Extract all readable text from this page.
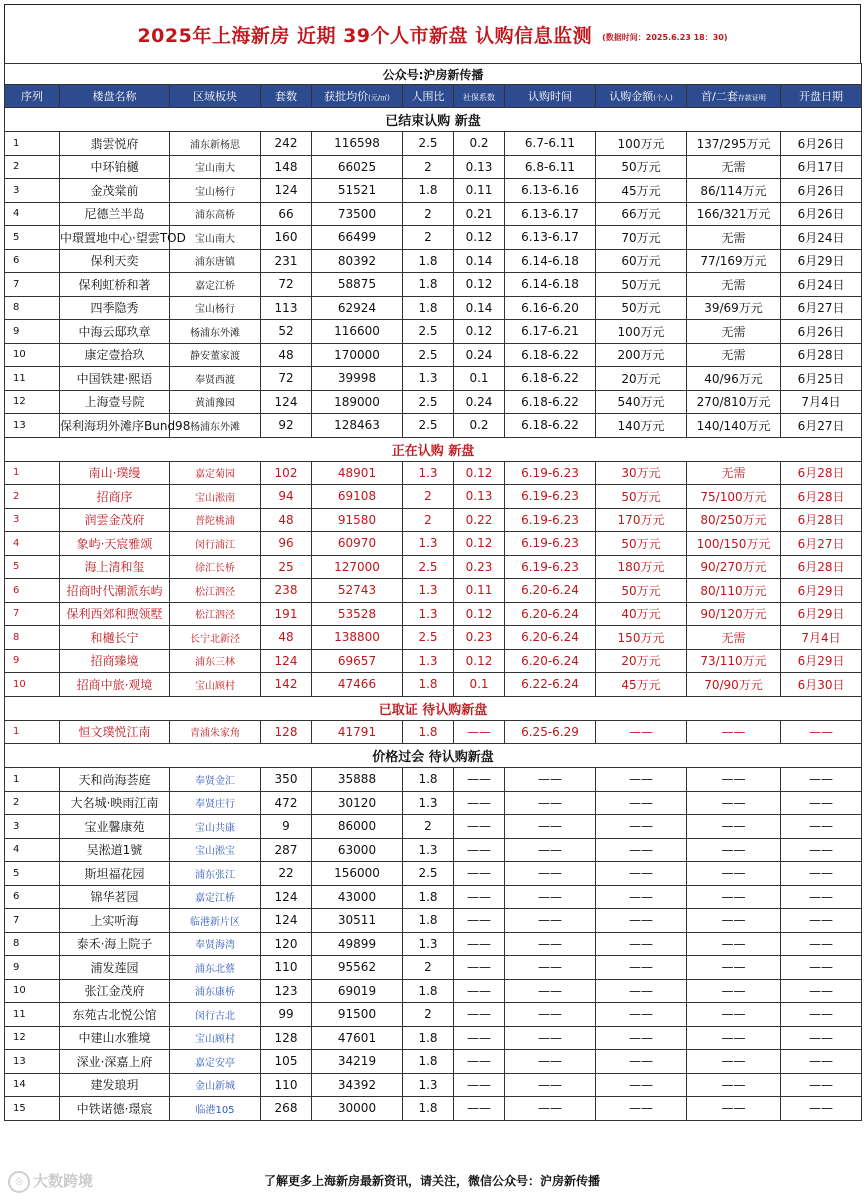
2025年上海新房 近期 39个人市新盘 认购信息监测 (数据时间：2025.6.23 18：30)
公众号:沪房新传播										
序列	楼盘名称	区域板块	套数	获批均价(元/㎡)	人围比	社保系数	认购时间	认购金额(个人)	首/二套存款证明	开盘日期
已结束认购 新盘										
1	翡雲悦府	浦东新杨思	242	116598	2.5	0.2	6.7-6.11	100万元	137/295万元	6月26日
2	中环铂樾	宝山南大	148	66025	2	0.13	6.8-6.11	50万元	无需	6月17日
3	金茂棠前	宝山杨行	124	51521	1.8	0.11	6.13-6.16	45万元	86/114万元	6月26日
4	尼德兰半岛	浦东高桥	66	73500	2	0.21	6.13-6.17	66万元	166/321万元	6月26日
5	中環置地中心·望雲TOD	宝山南大	160	66499	2	0.12	6.13-6.17	70万元	无需	6月24日
6	保利天奕	浦东唐镇	231	80392	1.8	0.14	6.14-6.18	60万元	77/169万元	6月29日
7	保利虹桥和著	嘉定江桥	72	58875	1.8	0.12	6.14-6.18	50万元	无需	6月24日
8	四季隐秀	宝山杨行	113	62924	1.8	0.14	6.16-6.20	50万元	39/69万元	6月27日
9	中海云邸玖章	杨浦东外滩	52	116600	2.5	0.12	6.17-6.21	100万元	无需	6月26日
10	康定壹拾玖	静安董家渡	48	170000	2.5	0.24	6.18-6.22	200万元	无需	6月28日
11	中国铁建·熙语	奉贤西渡	72	39998	1.3	0.1	6.18-6.22	20万元	40/96万元	6月25日
12	上海壹号院	黄浦豫园	124	189000	2.5	0.24	6.18-6.22	540万元	270/810万元	7月4日
13	保利海玥外滩序Bund98	杨浦东外滩	92	128463	2.5	0.2	6.18-6.22	140万元	140/140万元	6月27日
正在认购 新盘										
1	南山·璞缦	嘉定菊园	102	48901	1.3	0.12	6.19-6.23	30万元	无需	6月28日
2	招商序	宝山淞南	94	69108	2	0.13	6.19-6.23	50万元	75/100万元	6月28日
3	润雲金茂府	普陀桃浦	48	91580	2	0.22	6.19-6.23	170万元	80/250万元	6月28日
4	象屿·天宸雅颂	闵行浦江	96	60970	1.3	0.12	6.19-6.23	50万元	100/150万元	6月27日
5	海上清和玺	徐汇长桥	25	127000	2.5	0.23	6.19-6.23	180万元	90/270万元	6月28日
6	招商时代潮派东屿	松江泗泾	238	52743	1.3	0.11	6.20-6.24	50万元	80/110万元	6月29日
7	保利西郊和煦领墅	松江泗泾	191	53528	1.3	0.12	6.20-6.24	40万元	90/120万元	6月29日
8	和樾长宁	长宁北新泾	48	138800	2.5	0.23	6.20-6.24	150万元	无需	7月4日
9	招商臻境	浦东三林	124	69657	1.3	0.12	6.20-6.24	20万元	73/110万元	6月29日
10	招商中旅·观境	宝山顾村	142	47466	1.8	0.1	6.22-6.24	45万元	70/90万元	6月30日
已取证 待认购新盘										
1	恒文璞悦江南	青浦朱家角	128	41791	1.8	——	6.25-6.29	——	——	——
价格过会 待认购新盘										
1	天和尚海荟庭	奉贤金汇	350	35888	1.8	——	——	——	——	——
2	大名城·映雨江南	奉贤庄行	472	30120	1.3	——	——	——	——	——
3	宝业馨康苑	宝山共康	9	86000	2	——	——	——	——	——
4	吴淞道1號	宝山淞宝	287	63000	1.3	——	——	——	——	——
5	斯坦福花园	浦东张江	22	156000	2.5	——	——	——	——	——
6	锦华茗园	嘉定江桥	124	43000	1.8	——	——	——	——	——
7	上实听海	临港新片区	124	30511	1.8	——	——	——	——	——
8	泰禾·海上院子	奉贤海湾	120	49899	1.3	——	——	——	——	——
9	浦发莲园	浦东北蔡	110	95562	2	——	——	——	——	——
10	张江金茂府	浦东康桥	123	69019	1.8	——	——	——	——	——
11	东苑古北悦公馆	闵行古北	99	91500	2	——	——	——	——	——
12	中建山水雅境	宝山顾村	128	47601	1.8	——	——	——	——	——
13	深业·深嘉上府	嘉定安亭	105	34219	1.8	——	——	——	——	——
14	建发琅玥	金山新城	110	34392	1.3	——	——	——	——	——
15	中铁诺德·璟宸	临港105	268	30000	1.8	——	——	——	——	——
◎ 大数跨境	了解更多上海新房最新资讯，请关注，微信公众号：沪房新传播
